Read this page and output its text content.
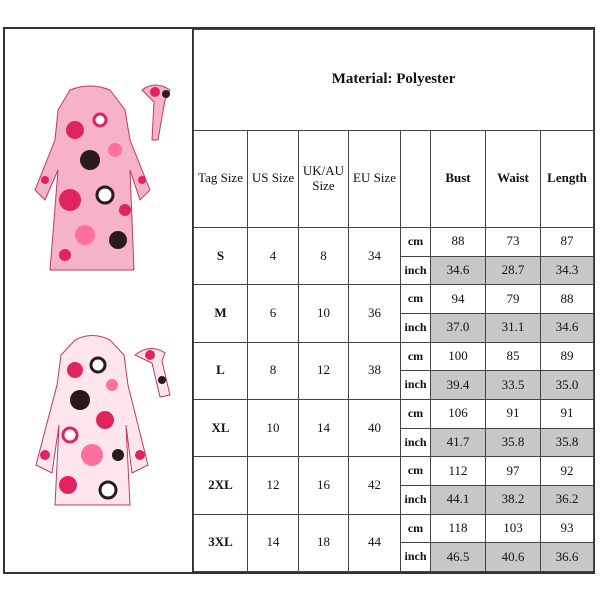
Material: Polyester							
Tag Size	US Size	UK/AU Size	EU Size		Bust	Waist	Length
S	4	8	34	cm	88	73	87
				inch	34.6	28.7	34.3
M	6	10	36	cm	94	79	88
				inch	37.0	31.1	34.6
L	8	12	38	cm	100	85	89
				inch	39.4	33.5	35.0
XL	10	14	40	cm	106	91	91
				inch	41.7	35.8	35.8
2XL	12	16	42	cm	112	97	92
				inch	44.1	38.2	36.2
3XL	14	18	44	cm	118	103	93
				inch	46.5	40.6	36.6
